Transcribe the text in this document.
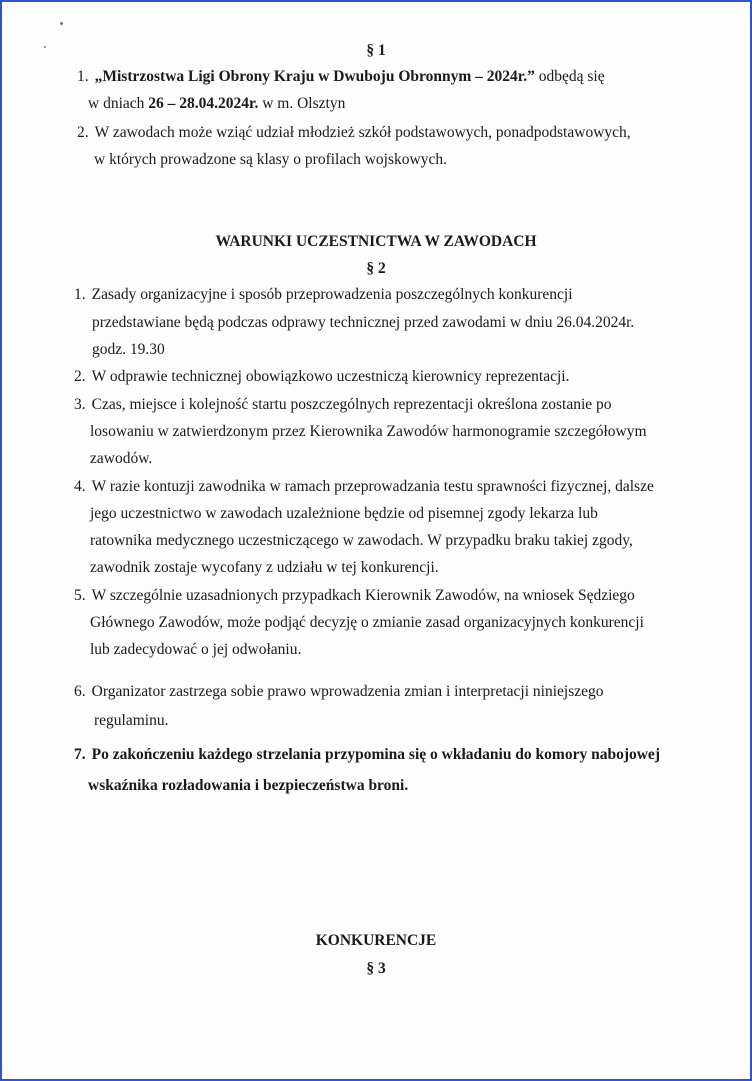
§ 1
1. „Mistrzostwa Ligi Obrony Kraju w Dwuboju Obronnym – 2024r.” odbędą się
w dniach 26 – 28.04.2024r. w m. Olsztyn
2. W zawodach może wziąć udział młodzież szkół podstawowych, ponadpodstawowych,
w których prowadzone są klasy o profilach wojskowych.
WARUNKI UCZESTNICTWA W ZAWODACH
§ 2
1. Zasady organizacyjne i sposób przeprowadzenia poszczególnych konkurencji
przedstawiane będą podczas odprawy technicznej przed zawodami w dniu 26.04.2024r.
godz. 19.30
2. W odprawie technicznej obowiązkowo uczestniczą kierownicy reprezentacji.
3. Czas, miejsce i kolejność startu poszczególnych reprezentacji określona zostanie po
losowaniu w zatwierdzonym przez Kierownika Zawodów harmonogramie szczegółowym
zawodów.
4. W razie kontuzji zawodnika w ramach przeprowadzania testu sprawności fizycznej, dalsze
jego uczestnictwo w zawodach uzależnione będzie od pisemnej zgody lekarza lub
ratownika medycznego uczestniczącego w zawodach. W przypadku braku takiej zgody,
zawodnik zostaje wycofany z udziału w tej konkurencji.
5. W szczególnie uzasadnionych przypadkach Kierownik Zawodów, na wniosek Sędziego
Głównego Zawodów, może podjąć decyzję o zmianie zasad organizacyjnych konkurencji
lub zadecydować o jej odwołaniu.
6. Organizator zastrzega sobie prawo wprowadzenia zmian i interpretacji niniejszego
regulaminu.
7. Po zakończeniu każdego strzelania przypomina się o wkładaniu do komory nabojowej
wskaźnika rozładowania i bezpieczeństwa broni.
KONKURENCJE
§ 3
